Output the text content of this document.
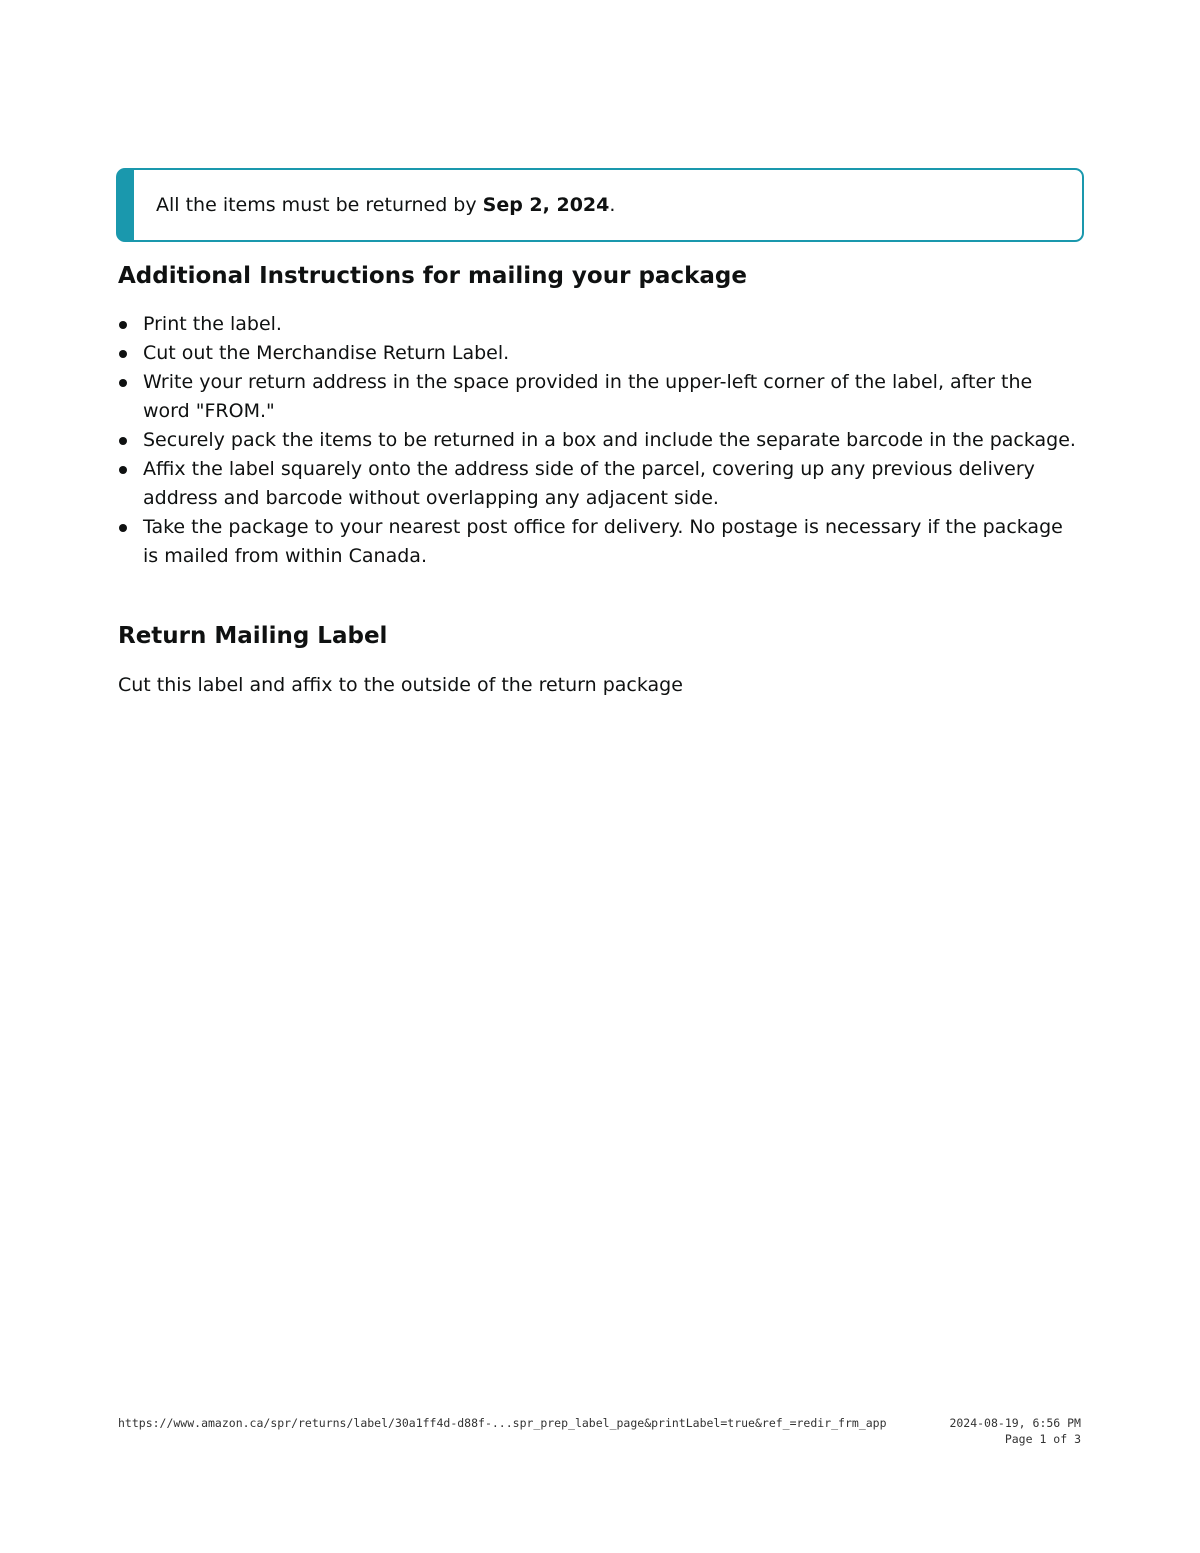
All the items must be returned by Sep 2, 2024.
Additional Instructions for mailing your package
Print the label.
Cut out the Merchandise Return Label.
Write your return address in the space provided in the upper-left corner of the label, after the word "FROM."
Securely pack the items to be returned in a box and include the separate barcode in the package.
Affix the label squarely onto the address side of the parcel, covering up any previous delivery address and barcode without overlapping any adjacent side.
Take the package to your nearest post office for delivery. No postage is necessary if the package is mailed from within Canada.
Return Mailing Label
Cut this label and affix to the outside of the return package
https://www.amazon.ca/spr/returns/label/30a1ff4d-d88f-...spr_prep_label_page&printLabel=true&ref_=redir_frm_app	2024-08-19, 6:56 PM
Page 1 of 3
